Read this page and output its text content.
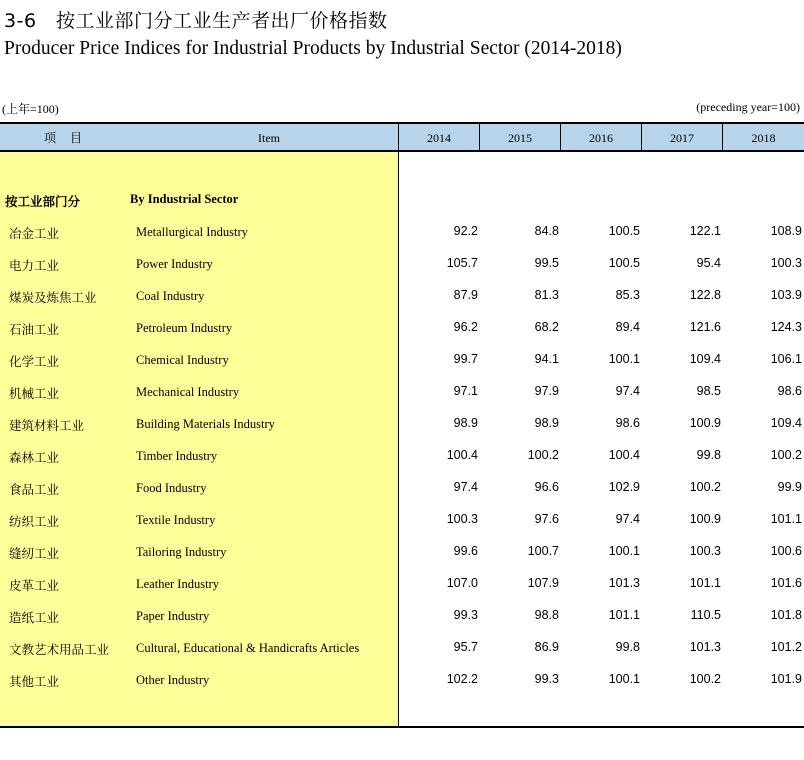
3-6　按工业部门分工业生产者出厂价格指数
Producer Price Indices for Industrial Products by Industrial Sector (2014-2018)
(上年=100)	(preceding year=100)
项目	Item	2014	2015	2016	2017	2018
按工业部门分	By Industrial Sector
冶金工业	Metallurgical Industry	92.2	84.8	100.5	122.1	108.9
电力工业	Power Industry	105.7	99.5	100.5	95.4	100.3
煤炭及炼焦工业	Coal Industry	87.9	81.3	85.3	122.8	103.9
石油工业	Petroleum Industry	96.2	68.2	89.4	121.6	124.3
化学工业	Chemical Industry	99.7	94.1	100.1	109.4	106.1
机械工业	Mechanical Industry	97.1	97.9	97.4	98.5	98.6
建筑材料工业	Building Materials Industry	98.9	98.9	98.6	100.9	109.4
森林工业	Timber Industry	100.4	100.2	100.4	99.8	100.2
食品工业	Food Industry	97.4	96.6	102.9	100.2	99.9
纺织工业	Textile Industry	100.3	97.6	97.4	100.9	101.1
缝纫工业	Tailoring Industry	99.6	100.7	100.1	100.3	100.6
皮革工业	Leather Industry	107.0	107.9	101.3	101.1	101.6
造纸工业	Paper Industry	99.3	98.8	101.1	110.5	101.8
文教艺术用品工业 Cultural, Educational & Handicrafts Articles	95.7	86.9	99.8	101.3	101.2
其他工业	Other Industry	102.2	99.3	100.1	100.2	101.9
